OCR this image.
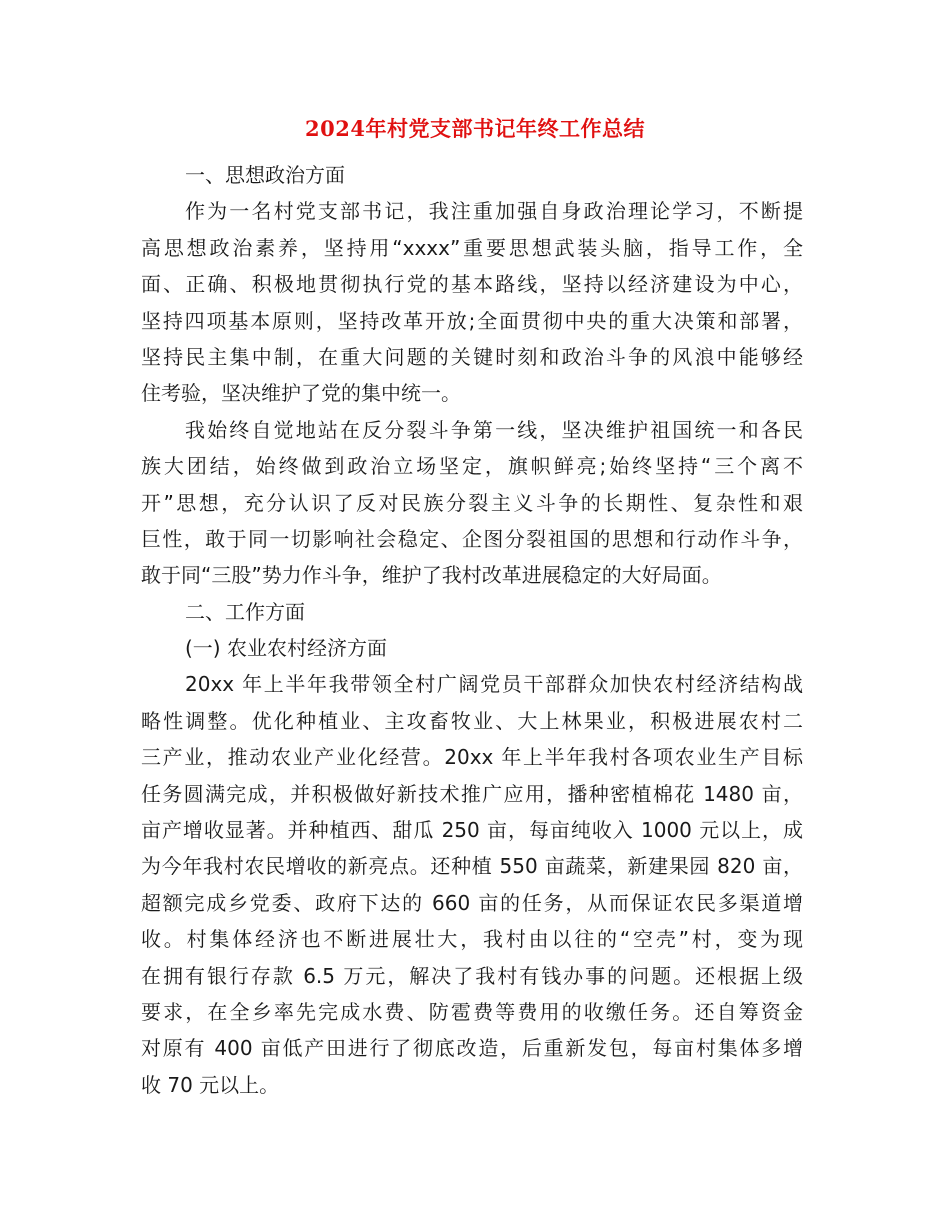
2024年村党支部书记年终工作总结
一、思想政治方面
作为一名村党支部书记，我注重加强自身政治理论学习，不断提
高思想政治素养，坚持用“xxxx”重要思想武装头脑，指导工作，全
面、正确、积极地贯彻执行党的基本路线，坚持以经济建设为中心，
坚持四项基本原则，坚持改革开放;全面贯彻中央的重大决策和部署，
坚持民主集中制，在重大问题的关键时刻和政治斗争的风浪中能够经
住考验，坚决维护了党的集中统一。
我始终自觉地站在反分裂斗争第一线，坚决维护祖国统一和各民
族大团结，始终做到政治立场坚定，旗帜鲜亮;始终坚持“三个离不
开”思想，充分认识了反对民族分裂主义斗争的长期性、复杂性和艰
巨性，敢于同一切影响社会稳定、企图分裂祖国的思想和行动作斗争，
敢于同“三股”势力作斗争，维护了我村改革进展稳定的大好局面。
二、工作方面
(一) 农业农村经济方面
20xx 年上半年我带领全村广阔党员干部群众加快农村经济结构战
略性调整。优化种植业、主攻畜牧业、大上林果业，积极进展农村二
三产业，推动农业产业化经营。20xx 年上半年我村各项农业生产目标
任务圆满完成，并积极做好新技术推广应用，播种密植棉花 1480 亩，
亩产增收显著。并种植西、甜瓜 250 亩，每亩纯收入 1000 元以上，成
为今年我村农民增收的新亮点。还种植 550 亩蔬菜，新建果园 820 亩，
超额完成乡党委、政府下达的 660 亩的任务，从而保证农民多渠道增
收。村集体经济也不断进展壮大，我村由以往的“空壳”村，变为现
在拥有银行存款 6.5 万元，解决了我村有钱办事的问题。还根据上级
要求，在全乡率先完成水费、防雹费等费用的收缴任务。还自筹资金
对原有 400 亩低产田进行了彻底改造，后重新发包，每亩村集体多增
收 70 元以上。
